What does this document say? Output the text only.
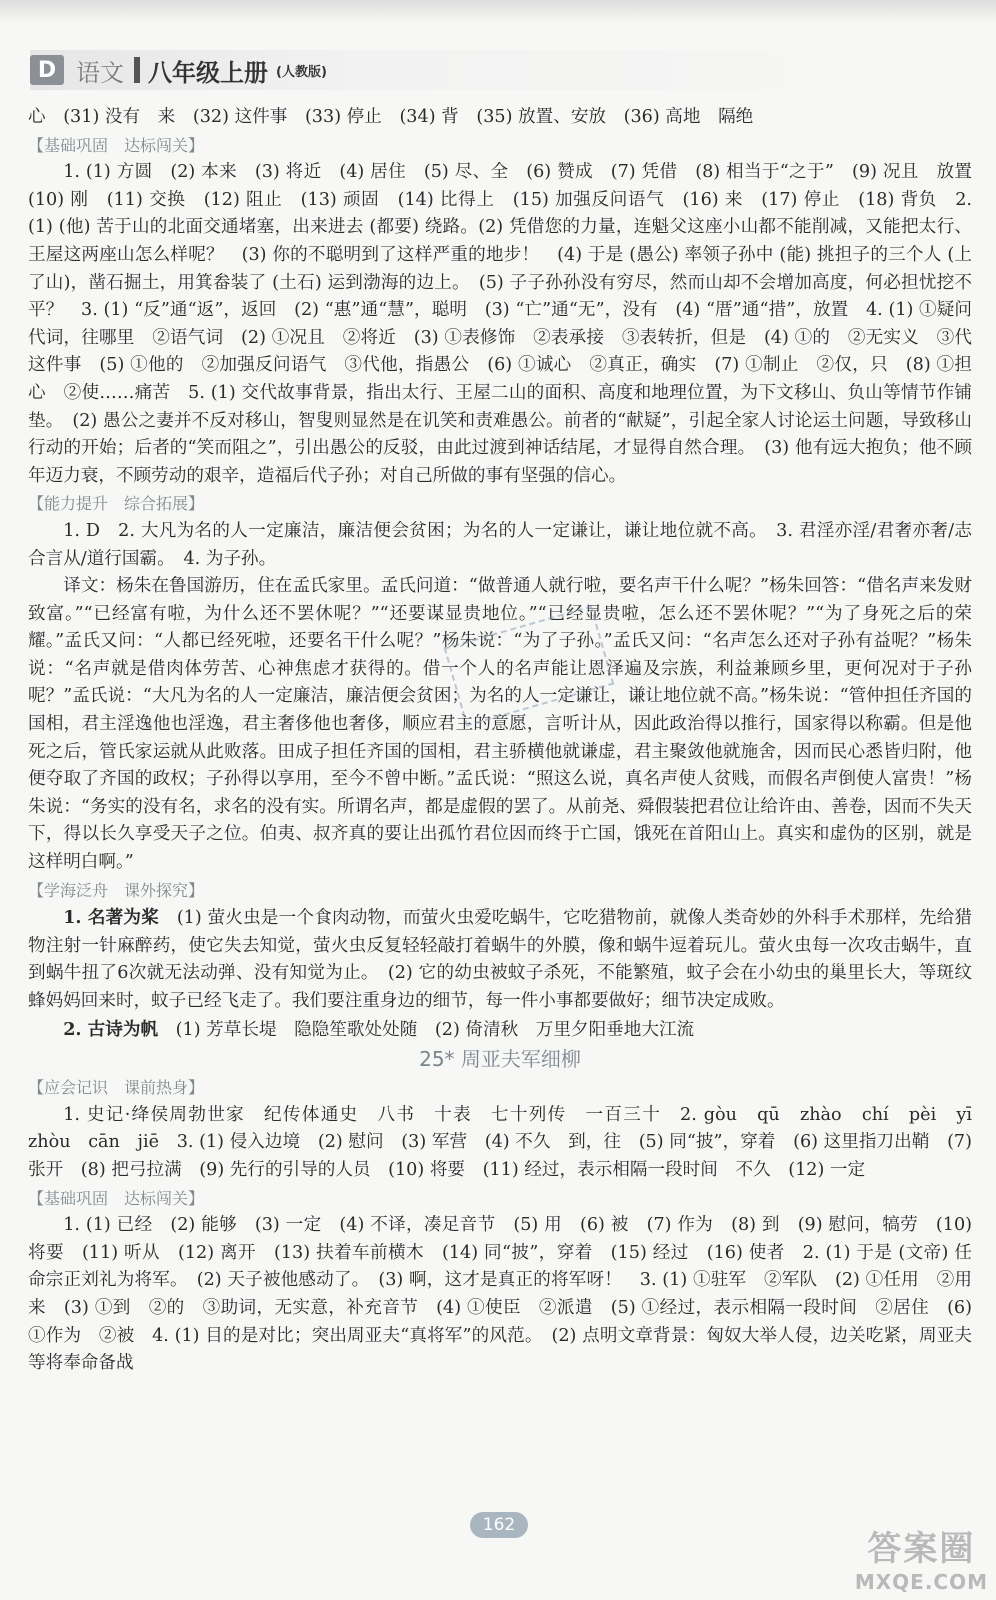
D 语文 八年级上册 (人教版)

心　(31) 没有　来　(32) 这件事　(33) 停止　(34) 背　(35) 放置、安放　(36) 高地　隔绝

【基础巩固　达标闯关】

1. (1) 方圆　(2) 本来　(3) 将近　(4) 居住　(5) 尽、全　(6) 赞成　(7) 凭借　(8) 相当于“之于”　(9) 况且　放置　(10) 刚　(11) 交换　(12) 阻止　(13) 顽固　(14) 比得上　(15) 加强反问语气　(16) 来　(17) 停止　(18) 背负　2. (1) (他) 苦于山的北面交通堵塞，出来进去 (都要) 绕路。(2) 凭借您的力量，连魁父这座小山都不能削减，又能把太行、王屋这两座山怎么样呢？　(3) 你的不聪明到了这样严重的地步！　(4) 于是 (愚公) 率领子孙中 (能) 挑担子的三个人 (上了山)，凿石掘土，用箕畚装了 (土石) 运到渤海的边上。　(5) 子子孙孙没有穷尽，然而山却不会增加高度，何必担忧挖不平？　3. (1) “反”通“返”，返回　(2) “惠”通“慧”，聪明　(3) “亡”通“无”，没有　(4) “厝”通“措”，放置　4. (1) ①疑问代词，往哪里　②语气词　(2) ①况且　②将近　(3) ①表修饰　②表承接　③表转折，但是　(4) ①的　②无实义　③代这件事　(5) ①他的　②加强反问语气　③代他，指愚公　(6) ①诚心　②真正，确实　(7) ①制止　②仅，只　(8) ①担心　②使……痛苦　5. (1) 交代故事背景，指出太行、王屋二山的面积、高度和地理位置，为下文移山、负山等情节作铺垫。　(2) 愚公之妻并不反对移山，智叟则显然是在讥笑和责难愚公。前者的“献疑”，引起全家人讨论运土问题，导致移山行动的开始；后者的“笑而阻之”，引出愚公的反驳，由此过渡到神话结尾，才显得自然合理。　(3) 他有远大抱负；他不顾年迈力衰，不顾劳动的艰辛，造福后代子孙；对自己所做的事有坚强的信心。

【能力提升　综合拓展】

1. D　2. 大凡为名的人一定廉洁，廉洁便会贫困；为名的人一定谦让，谦让地位就不高。　3. 君淫亦淫/君奢亦奢/志合言从/道行国霸。　4. 为子孙。

译文：杨朱在鲁国游历，住在孟氏家里。孟氏问道：“做普通人就行啦，要名声干什么呢？”杨朱回答：“借名声来发财致富。”“已经富有啦，为什么还不罢休呢？”“还要谋显贵地位。”“已经显贵啦，怎么还不罢休呢？”“为了身死之后的荣耀。”孟氏又问：“人都已经死啦，还要名干什么呢？”杨朱说：“为了子孙。”孟氏又问：“名声怎么还对子孙有益呢？”杨朱说：“名声就是借肉体劳苦、心神焦虑才获得的。借一个人的名声能让恩泽遍及宗族，利益兼顾乡里，更何况对于子孙呢？”孟氏说：“大凡为名的人一定廉洁，廉洁便会贫困；为名的人一定谦让，谦让地位就不高。”杨朱说：“管仲担任齐国的国相，君主淫逸他也淫逸，君主奢侈他也奢侈，顺应君主的意愿，言听计从，因此政治得以推行，国家得以称霸。但是他死之后，管氏家运就从此败落。田成子担任齐国的国相，君主骄横他就谦虚，君主聚敛他就施舍，因而民心悉皆归附，他便夺取了齐国的政权；子孙得以享用，至今不曾中断。”孟氏说：“照这么说，真名声使人贫贱，而假名声倒使人富贵！”杨朱说：“务实的没有名，求名的没有实。所谓名声，都是虚假的罢了。从前尧、舜假装把君位让给许由、善卷，因而不失天下，得以长久享受天子之位。伯夷、叔齐真的要让出孤竹君位因而终于亡国，饿死在首阳山上。真实和虚伪的区别，就是这样明白啊。”

【学海泛舟　课外探究】

1. 名著为桨　 (1) 萤火虫是一个食肉动物，而萤火虫爱吃蜗牛，它吃猎物前，就像人类奇妙的外科手术那样，先给猎物注射一针麻醉药，使它失去知觉，萤火虫反复轻轻敲打着蜗牛的外膜，像和蜗牛逗着玩儿。萤火虫每一次攻击蜗牛，直到蜗牛扭了6次就无法动弹、没有知觉为止。　(2) 它的幼虫被蚊子杀死，不能繁殖，蚊子会在小幼虫的巢里长大，等斑纹蜂妈妈回来时，蚊子已经飞走了。我们要注重身边的细节，每一件小事都要做好；细节决定成败。

2. 古诗为帆　 (1) 芳草长堤　隐隐笙歌处处随　(2) 倚清秋　万里夕阳垂地大江流

25* 周亚夫军细柳
【应会记识　课前热身】

1. 史记·绛侯周勃世家　纪传体通史　八书　十表　七十列传　一百三十　2. gòu　qū　zhào　chí　pèi　yī　zhòu　cān　jiē　3. (1) 侵入边境　(2) 慰问　(3) 军营　(4) 不久　到，往　(5) 同“披”，穿着　(6) 这里指刀出鞘　(7) 张开　(8) 把弓拉满　(9) 先行的引导的人员　(10) 将要　(11) 经过，表示相隔一段时间　不久　(12) 一定

【基础巩固　达标闯关】

1. (1) 已经　(2) 能够　(3) 一定　(4) 不译，凑足音节　(5) 用　(6) 被　(7) 作为　(8) 到　(9) 慰问，犒劳　(10) 将要　(11) 听从　(12) 离开　(13) 扶着车前横木　(14) 同“披”，穿着　(15) 经过　(16) 使者　2. (1) 于是 (文帝) 任命宗正刘礼为将军。　(2) 天子被他感动了。　(3) 啊，这才是真正的将军呀！　3. (1) ①驻军　②军队　(2) ①任用　②用来　(3) ①到　②的　③助词，无实意，补充音节　(4) ①使臣　②派遣　(5) ①经过，表示相隔一段时间　②居住　(6) ①作为　②被　4. (1) 目的是对比；突出周亚夫“真将军”的风范。　(2) 点明文章背景：匈奴大举人侵，边关吃紧，周亚夫等将奉命备战

162
答案圈
MXQE.COM
